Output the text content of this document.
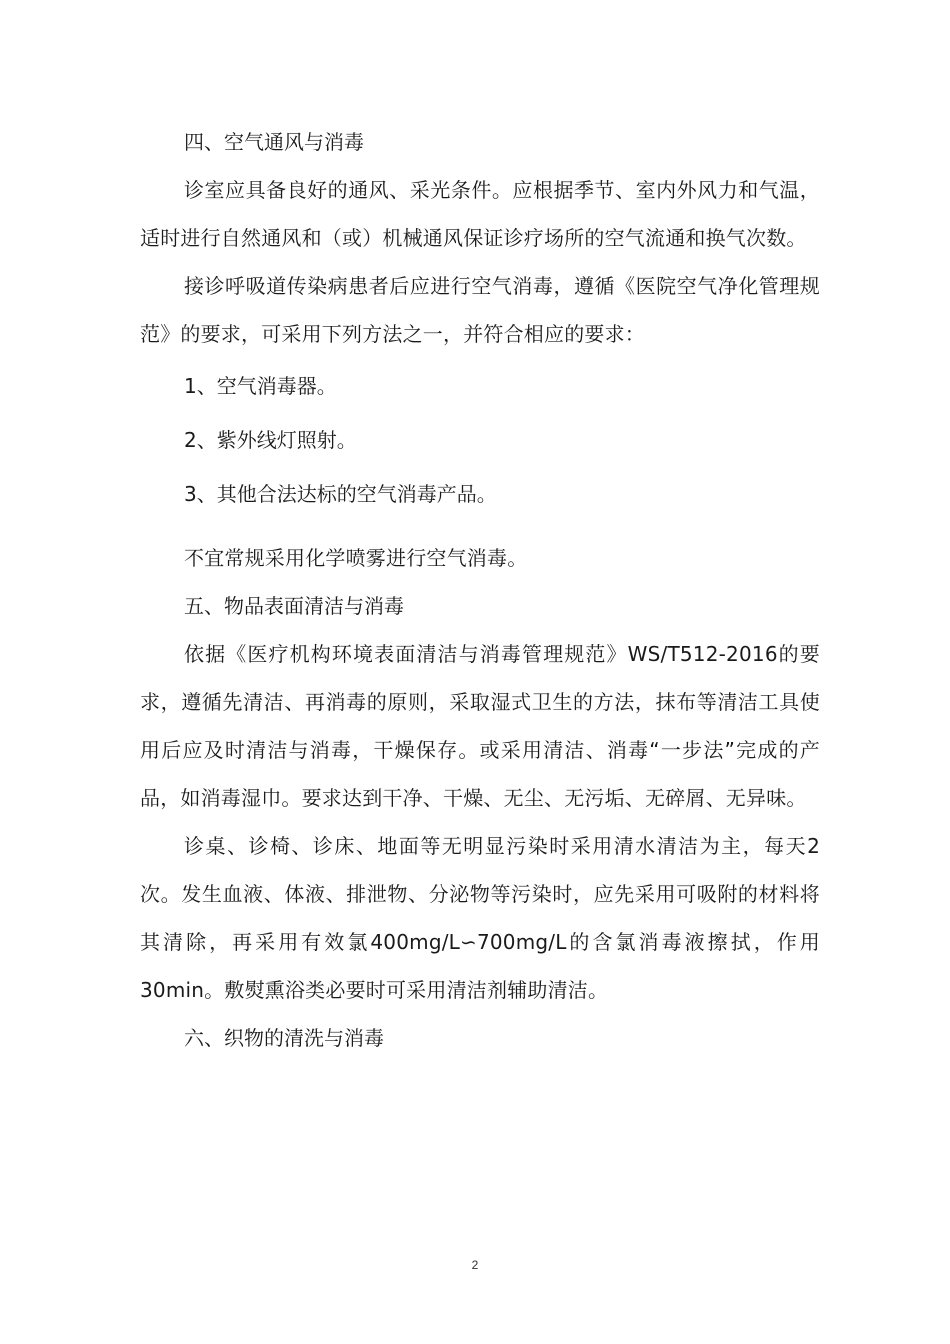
四、空气通风与消毒

诊室应具备良好的通风、采光条件。应根据季节、室内外风力和气温，适时进行自然通风和（或）机械通风保证诊疗场所的空气流通和换气次数。

接诊呼吸道传染病患者后应进行空气消毒，遵循《医院空气净化管理规范》的要求，可采用下列方法之一，并符合相应的要求：

1、空气消毒器。

2、紫外线灯照射。

3、其他合法达标的空气消毒产品。

不宜常规采用化学喷雾进行空气消毒。

五、物品表面清洁与消毒

依据《医疗机构环境表面清洁与消毒管理规范》WS/T512-2016的要求，遵循先清洁、再消毒的原则，采取湿式卫生的方法，抹布等清洁工具使用后应及时清洁与消毒，干燥保存。或采用清洁、消毒“一步法”完成的产品，如消毒湿巾。要求达到干净、干燥、无尘、无污垢、无碎屑、无异味。

诊桌、诊椅、诊床、地面等无明显污染时采用清水清洁为主，每天2次。发生血液、体液、排泄物、分泌物等污染时，应先采用可吸附的材料将其清除，再采用有效氯400mg/L∽700mg/L的含氯消毒液擦拭，作用30min。敷熨熏浴类必要时可采用清洁剂辅助清洁。

六、织物的清洗与消毒

2
